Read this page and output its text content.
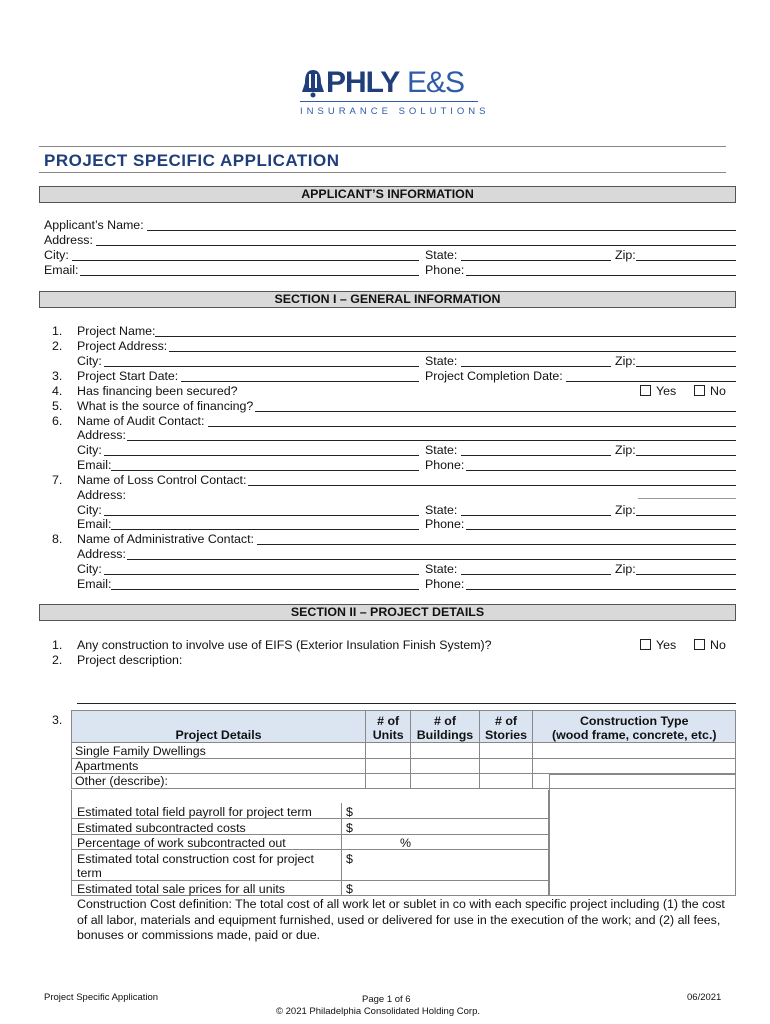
PHLY E&S
INSURANCE SOLUTIONS
PROJECT SPECIFIC APPLICATION
APPLICANT’S INFORMATION
Applicant’s Name:
Address:
City:	State:	Zip:
Email:	Phone:
SECTION I – GENERAL INFORMATION
1. Project Name:
2. Project Address:
City:	State:	Zip:
3. Project Start Date:	Project Completion Date:
4. Has financing been secured?	Yes	No
5. What is the source of financing?
6. Name of Audit Contact:
Address:
City:	State:	Zip:
Email:	Phone:
7. Name of Loss Control Contact:
Address:
City:	State:	Zip:
Email:	Phone:
8. Name of Administrative Contact:
Address:
City:	State:	Zip:
Email:	Phone:
SECTION II – PROJECT DETAILS
1. Any construction to involve use of EIFS (Exterior Insulation Finish System)?	Yes	No
2. Project description:
3.
Project Details	# of Units	# of Buildings	# of Stories	Construction Type
(wood frame, concrete, etc.)
Single Family Dwellings				
Apartments				
Other (describe):				
Estimated total field payroll for project term	$
Estimated subcontracted costs	$
Percentage of work subcontracted out	%
Estimated total construction cost for project term
$
Estimated total sale prices for all units	$
Construction Cost definition: The total cost of all work let or sublet in co with each specific project including (1) the cost of all labor, materials and equipment furnished, used or delivered for use in the execution of the work; and (2) all fees, bonuses or commissions made, paid or due.
Project Specific Application	Page 1 of 6	06/2021
© 2021 Philadelphia Consolidated Holding Corp.
